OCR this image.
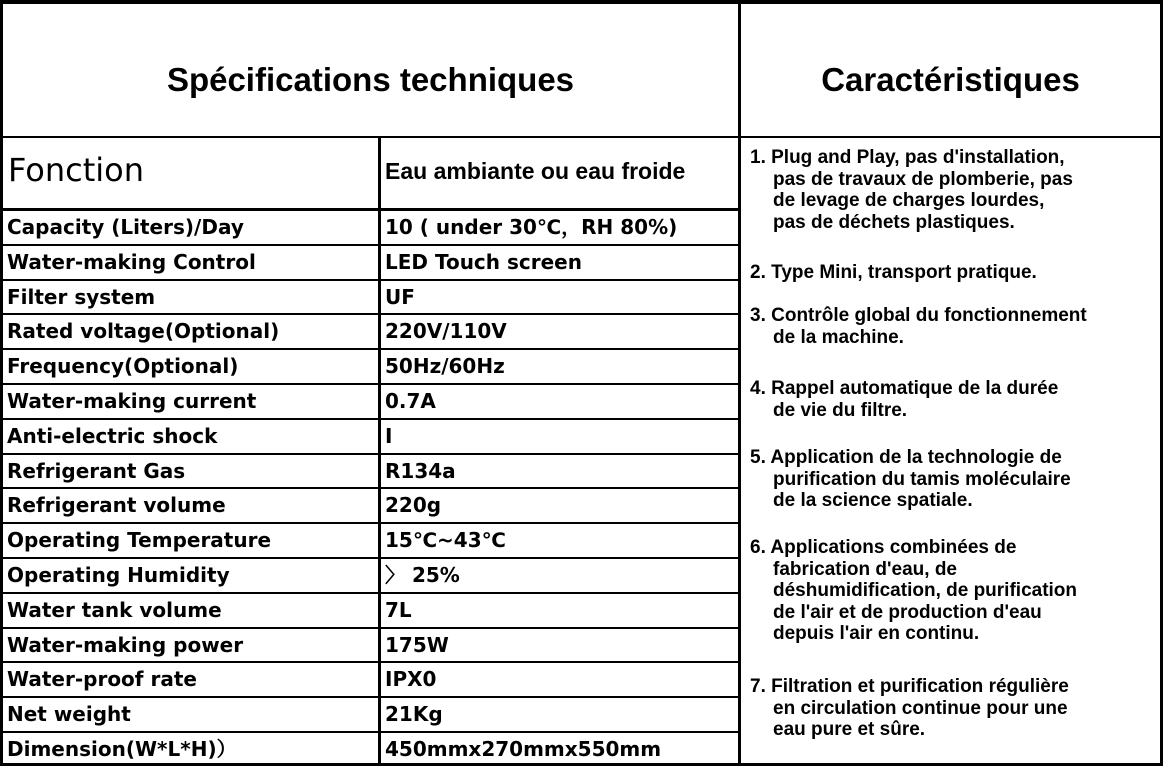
Spécifications techniques	Caractéristiques
Fonction	Eau ambiante ou eau froide
Capacity (Liters)/Day	10 ( under 30℃，RH 80%)
Water-making Control	LED Touch screen
Filter system	UF
Rated voltage(Optional)	220V/110V
Frequency(Optional)	50Hz/60Hz
Water-making current	0.7A
Anti-electric shock	I
Refrigerant Gas	R134a
Refrigerant volume	220g
Operating Temperature	15℃~43℃
Operating Humidity	〉 25%
Water tank volume	7L
Water-making power	175W
Water-proof rate	IPX0
Net weight	21Kg
Dimension(W*L*H)）	450mmx270mmx550mm
1. Plug and Play, pas d'installation,
pas de travaux de plomberie, pas
de levage de charges lourdes,
pas de déchets plastiques.
2. Type Mini, transport pratique.
3. Contrôle global du fonctionnement
de la machine.
4. Rappel automatique de la durée
de vie du filtre.
5. Application de la technologie de
purification du tamis moléculaire
de la science spatiale.
6. Applications combinées de
fabrication d'eau, de
déshumidification, de purification
de l'air et de production d'eau
depuis l'air en continu.
7. Filtration et purification régulière
en circulation continue pour une
eau pure et sûre.
